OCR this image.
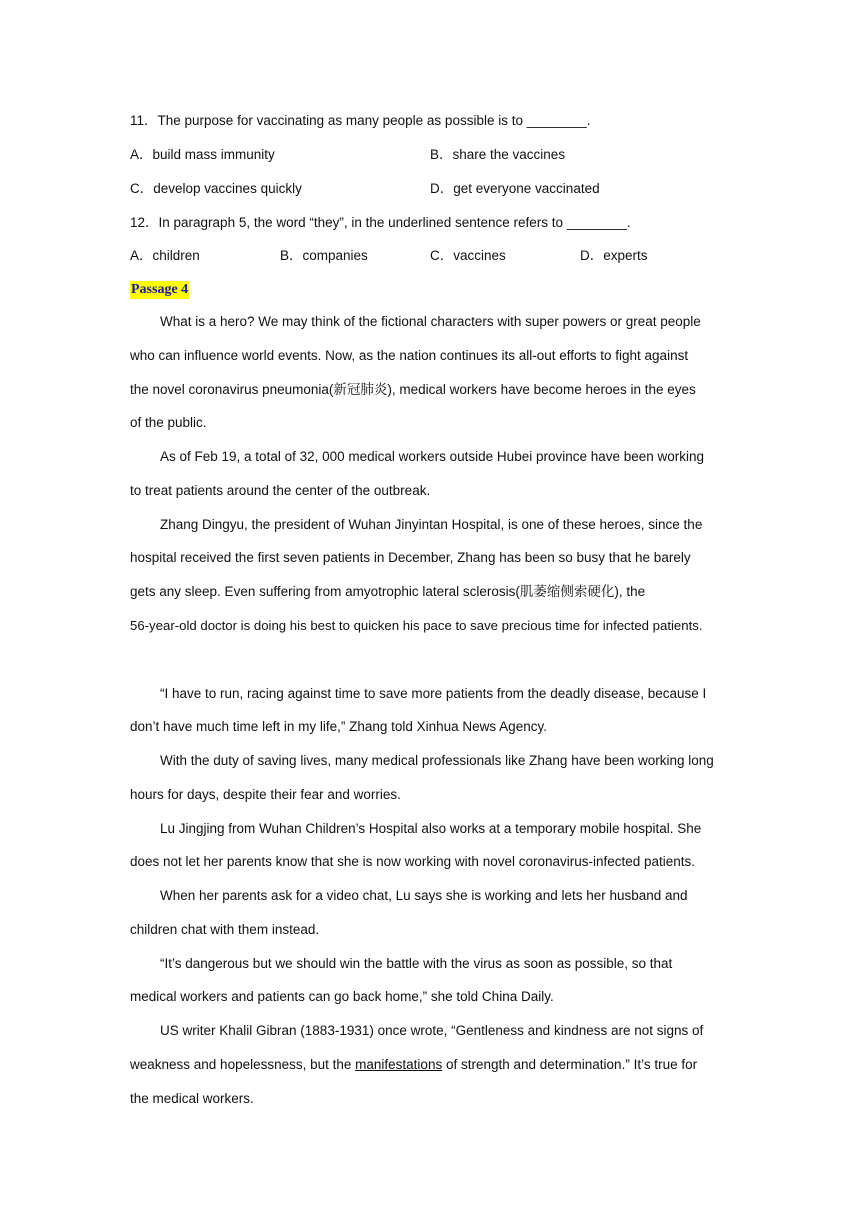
11．The purpose for vaccinating as many people as possible is to ________.
A．build mass immunity	B．share the vaccines
C．develop vaccines quickly	D．get everyone vaccinated
12．In paragraph 5, the word “they”, in the underlined sentence refers to ________.
A．children	B．companies	C．vaccines	D．experts
Passage 4
What is a hero? We may think of the fictional characters with super powers or great people
who can influence world events. Now, as the nation continues its all-out efforts to fight against
the novel coronavirus pneumonia(新冠肺炎), medical workers have become heroes in the eyes
of the public.
As of Feb 19, a total of 32, 000 medical workers outside Hubei province have been working
to treat patients around the center of the outbreak.
Zhang Dingyu, the president of Wuhan Jinyintan Hospital, is one of these heroes, since the
hospital received the first seven patients in December, Zhang has been so busy that he barely
gets any sleep. Even suffering from amyotrophic lateral sclerosis(肌萎缩侧索硬化), the
56-year-old doctor is doing his best to quicken his pace to save precious time for infected patients.
“I have to run, racing against time to save more patients from the deadly disease, because I
don’t have much time left in my life,” Zhang told Xinhua News Agency.
With the duty of saving lives, many medical professionals like Zhang have been working long
hours for days, despite their fear and worries.
Lu Jingjing from Wuhan Children’s Hospital also works at a temporary mobile hospital. She
does not let her parents know that she is now working with novel coronavirus-infected patients.
When her parents ask for a video chat, Lu says she is working and lets her husband and
children chat with them instead.
“It’s dangerous but we should win the battle with the virus as soon as possible, so that
medical workers and patients can go back home,” she told China Daily.
US writer Khalil Gibran (1883-1931) once wrote, “Gentleness and kindness are not signs of
weakness and hopelessness, but the manifestations of strength and determination.” It’s true for
the medical workers.
